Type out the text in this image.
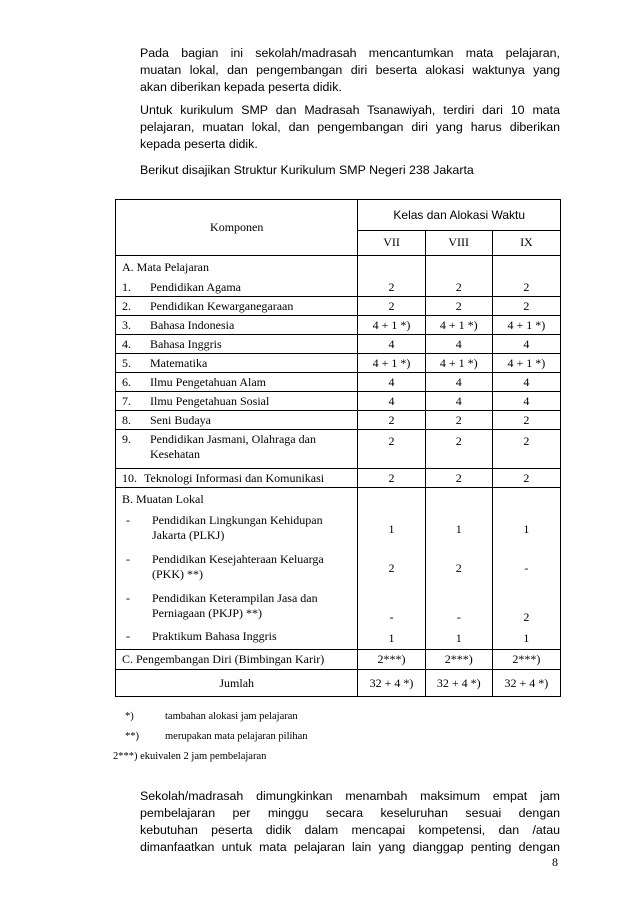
Pada bagian ini sekolah/madrasah mencantumkan mata pelajaran,
muatan lokal, dan pengembangan diri beserta alokasi waktunya yang
akan diberikan kepada peserta didik.
Untuk kurikulum SMP dan Madrasah Tsanawiyah, terdiri dari 10 mata
pelajaran, muatan lokal, dan pengembangan diri yang harus diberikan
kepada peserta didik.
Berikut disajikan Struktur Kurikulum SMP Negeri 238 Jakarta
Komponen	Kelas dan Alokasi Waktu		
	VII	VIII	IX
A. Mata Pelajaran			

1. Pendidikan Agama	2	2	2

2. Pendidikan Kewarganegaraan	2	2	2

3. Bahasa Indonesia	4 + 1 *)	4 + 1 *)	4 + 1 *)

4. Bahasa Inggris	4	4	4

5. Matematika	4 + 1 *)	4 + 1 *)	4 + 1 *)

6. Ilmu Pengetahuan Alam	4	4	4

7. Ilmu Pengetahuan Sosial	4	4	4

8. Seni Budaya	2	2	2

9. Pendidikan Jasmani, Olahraga dan
Kesehatan	2	2	2

10. Teknologi Informasi dan Komunikasi	2	2	2
B. Muatan Lokal			

- Pendidikan Lingkungan Kehidupan
Jakarta (PLKJ)	1	1	1

- Pendidikan Kesejahteraan Keluarga
(PKK) **)	2	2	-

- Pendidikan Keterampilan Jasa dan
Perniagaan (PKJP) **)	-	-	2

- Praktikum Bahasa Inggris	1	1	1
C. Pengembangan Diri (Bimbingan Karir)	2***)	2***)	2***)
Jumlah	32 + 4 *)	32 + 4 *)	32 + 4 *)
*)	tambahan alokasi jam pelajaran
**) merupakan mata pelajaran pilihan
2***) ekuivalen 2 jam pembelajaran
Sekolah/madrasah dimungkinkan menambah maksimum empat jam
pembelajaran per minggu secara keseluruhan sesuai dengan
kebutuhan peserta didik dalam mencapai kompetensi, dan /atau
dimanfaatkan untuk mata pelajaran lain yang dianggap penting dengan
8
